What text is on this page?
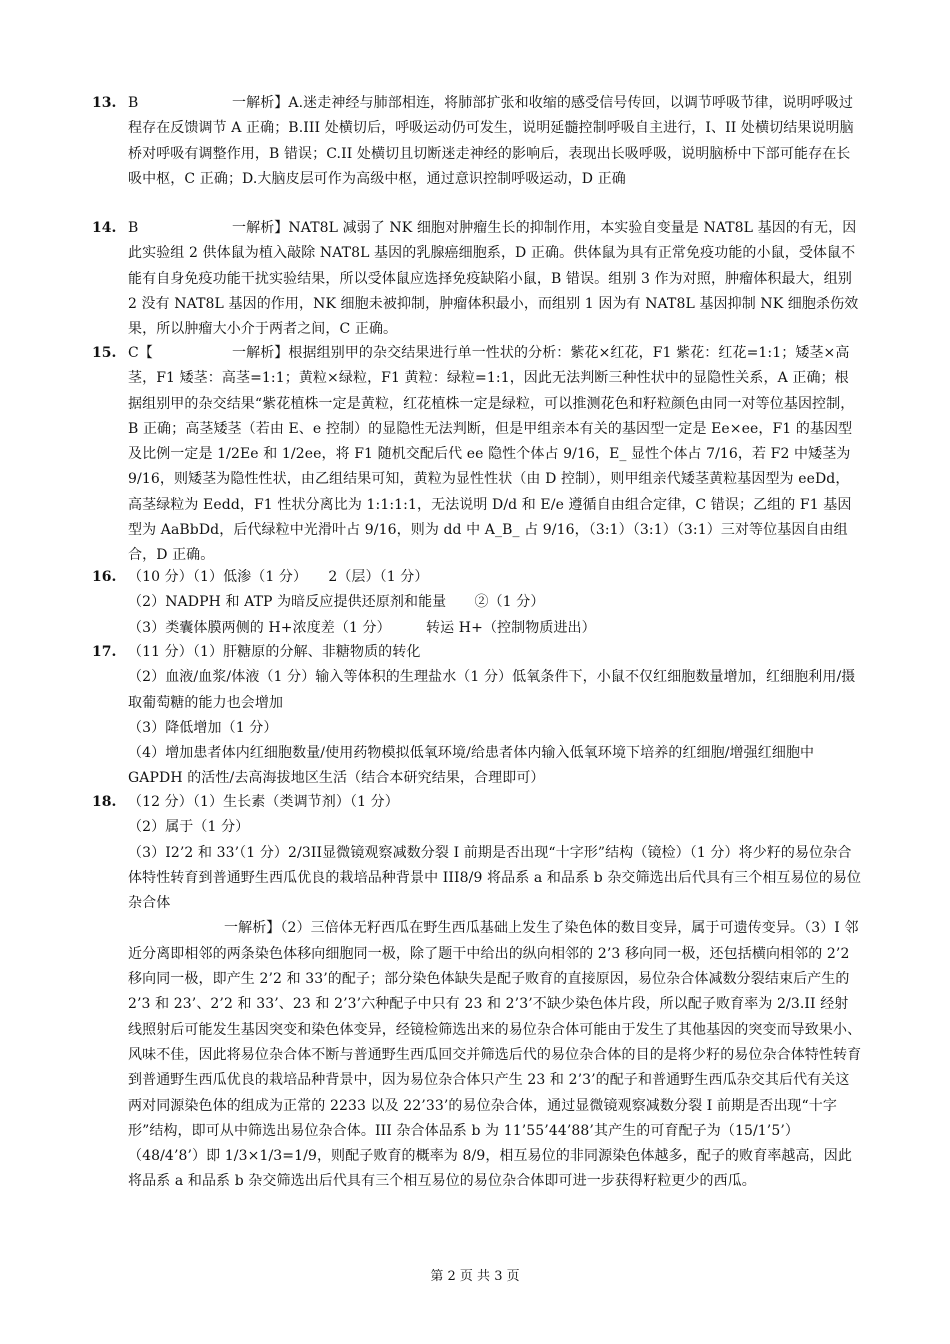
13. B	一解析】A.迷走神经与肺部相连，将肺部扩张和收缩的感受信号传回，以调节呼吸节律，说明呼吸过程存在反馈调节 A 正确；B.III 处横切后，呼吸运动仍可发生，说明延髓控制呼吸自主进行，I、II 处横切结果说明脑桥对呼吸有调整作用，B 错误；C.II 处横切且切断迷走神经的影响后，表现出长吸呼吸，说明脑桥中下部可能存在长吸中枢，C 正确；D.大脑皮层可作为高级中枢，通过意识控制呼吸运动，D 正确

14. B	一解析】NAT8L 减弱了 NK 细胞对肿瘤生长的抑制作用，本实验自变量是 NAT8L 基因的有无，因此实验组 2 供体鼠为植入敲除 NAT8L 基因的乳腺癌细胞系，D 正确。供体鼠为具有正常免疫功能的小鼠，受体鼠不能有自身免疫功能干扰实验结果，所以受体鼠应选择免疫缺陷小鼠，B 错误。组别 3 作为对照，肿瘤体积最大，组别 2 没有 NAT8L 基因的作用，NK 细胞未被抑制，肿瘤体积最小，而组别 1 因为有 NAT8L 基因抑制 NK 细胞杀伤效果，所以肿瘤大小介于两者之间，C 正确。

15. C【	一解析】根据组别甲的杂交结果进行单一性状的分析：紫花×红花，F1 紫花：红花=1:1；矮茎×高茎，F1 矮茎：高茎=1:1；黄粒×绿粒，F1 黄粒：绿粒=1:1，因此无法判断三种性状中的显隐性关系，A 正确；根据组别甲的杂交结果“紫花植株一定是黄粒，红花植株一定是绿粒，可以推测花色和籽粒颜色由同一对等位基因控制，B 正确；高茎矮茎（若由 E、e 控制）的显隐性无法判断，但是甲组亲本有关的基因型一定是 Ee×ee，F1 的基因型及比例一定是 1/2Ee 和 1/2ee，将 F1 随机交配后代 ee 隐性个体占 9/16，E_ 显性个体占 7/16，若 F2 中矮茎为 9/16，则矮茎为隐性性状，由乙组结果可知，黄粒为显性性状（由 D 控制），则甲组亲代矮茎黄粒基因型为 eeDd，高茎绿粒为 Eedd，F1 性状分离比为 1:1:1:1，无法说明 D/d 和 E/e 遵循自由组合定律，C 错误；乙组的 F1 基因型为 AaBbDd，后代绿粒中光滑叶占 9/16，则为 dd 中 A_B_ 占 9/16，（3:1）（3:1）（3:1）三对等位基因自由组合，D 正确。

16. （10 分）（1）低渗（1 分）　　2（层）（1 分）

（2）NADPH 和 ATP 为暗反应提供还原剂和能量　　②（1 分）

（3）类囊体膜两侧的 H+浓度差（1 分）　　　转运 H+（控制物质进出）

17. （11 分）（1）肝糖原的分解、非糖物质的转化

（2）血液/血浆/体液（1 分）输入等体积的生理盐水（1 分）低氧条件下，小鼠不仅红细胞数量增加，红细胞利用/摄取葡萄糖的能力也会增加

（3）降低增加（1 分）

（4）增加患者体内红细胞数量/使用药物模拟低氧环境/给患者体内输入低氧环境下培养的红细胞/增强红细胞中 GAPDH 的活性/去高海拔地区生活（结合本研究结果，合理即可）

18. （12 分）（1）生长素（类调节剂）（1 分）

（2）属于（1 分）

（3）I2’2 和 33’（1 分）2/3II显微镜观察减数分裂 I 前期是否出现“十字形”结构（镜检）（1 分）将少籽的易位杂合体特性转育到普通野生西瓜优良的栽培品种背景中 III8/9 将品系 a 和品系 b 杂交筛选出后代具有三个相互易位的易位杂合体

一解析】（2）三倍体无籽西瓜在野生西瓜基础上发生了染色体的数目变异，属于可遗传变异。（3）I 邻近分离即相邻的两条染色体移向细胞同一极，除了题干中给出的纵向相邻的 2’3 移向同一极，还包括横向相邻的 2’2 移向同一极，即产生 2’2 和 33’的配子；部分染色体缺失是配子败育的直接原因，易位杂合体减数分裂结束后产生的 2’3 和 23’、2’2 和 33’、23 和 2’3’六种配子中只有 23 和 2’3’不缺少染色体片段，所以配子败育率为 2/3.II 经射线照射后可能发生基因突变和染色体变异，经镜检筛选出来的易位杂合体可能由于发生了其他基因的突变而导致果小、风味不佳，因此将易位杂合体不断与普通野生西瓜回交并筛选后代的易位杂合体的目的是将少籽的易位杂合体特性转育到普通野生西瓜优良的栽培品种背景中，因为易位杂合体只产生 23 和 2’3’的配子和普通野生西瓜杂交其后代有关这两对同源染色体的组成为正常的 2233 以及 22’33’的易位杂合体，通过显微镜观察减数分裂 I 前期是否出现“十字形”结构，即可从中筛选出易位杂合体。III 杂合体品系 b 为 11’55’44’88’其产生的可育配子为（15/1’5’）（48/4’8’）即 1/3×1/3=1/9，则配子败育的概率为 8/9，相互易位的非同源染色体越多，配子的败育率越高，因此将品系 a 和品系 b 杂交筛选出后代具有三个相互易位的易位杂合体即可进一步获得籽粒更少的西瓜。

第 2 页 共 3 页
